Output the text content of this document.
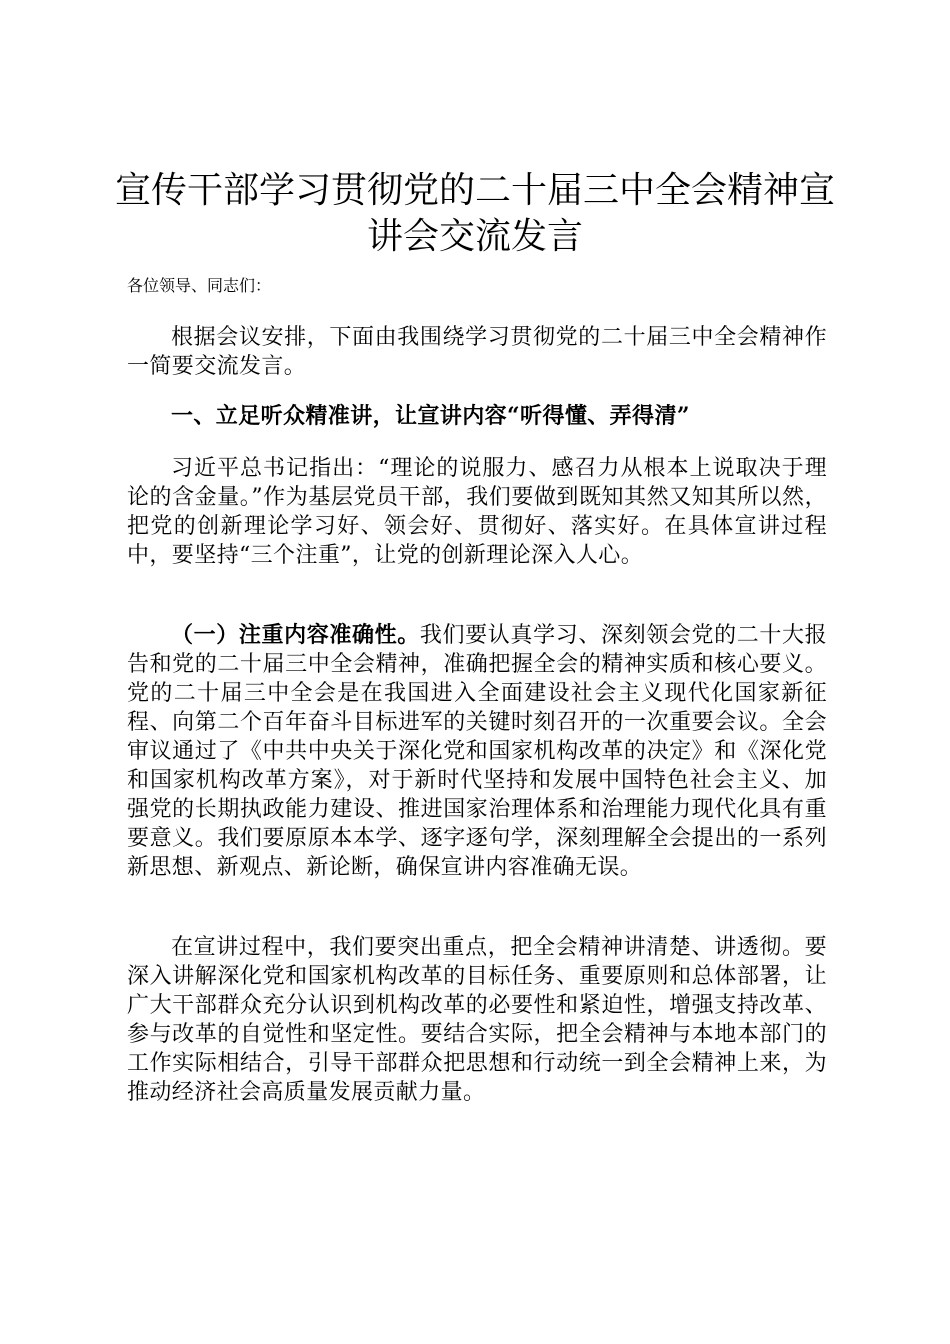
宣传干部学习贯彻党的二十届三中全会精神宣讲会交流发言

各位领导、同志们：

根据会议安排，下面由我围绕学习贯彻党的二十届三中全会精神作一简要交流发言。

一、立足听众精准讲，让宣讲内容“听得懂、弄得清”

习近平总书记指出：“理论的说服力、感召力从根本上说取决于理论的含金量。”作为基层党员干部，我们要做到既知其然又知其所以然，把党的创新理论学习好、领会好、贯彻好、落实好。在具体宣讲过程中，要坚持“三个注重”，让党的创新理论深入人心。

（一）注重内容准确性。我们要认真学习、深刻领会党的二十大报告和党的二十届三中全会精神，准确把握全会的精神实质和核心要义。党的二十届三中全会是在我国进入全面建设社会主义现代化国家新征程、向第二个百年奋斗目标进军的关键时刻召开的一次重要会议。全会审议通过了《中共中央关于深化党和国家机构改革的决定》和《深化党和国家机构改革方案》，对于新时代坚持和发展中国特色社会主义、加强党的长期执政能力建设、推进国家治理体系和治理能力现代化具有重要意义。我们要原原本本学、逐字逐句学，深刻理解全会提出的一系列新思想、新观点、新论断，确保宣讲内容准确无误。

在宣讲过程中，我们要突出重点，把全会精神讲清楚、讲透彻。要深入讲解深化党和国家机构改革的目标任务、重要原则和总体部署，让广大干部群众充分认识到机构改革的必要性和紧迫性，增强支持改革、参与改革的自觉性和坚定性。要结合实际，把全会精神与本地本部门的工作实际相结合，引导干部群众把思想和行动统一到全会精神上来，为推动经济社会高质量发展贡献力量。
